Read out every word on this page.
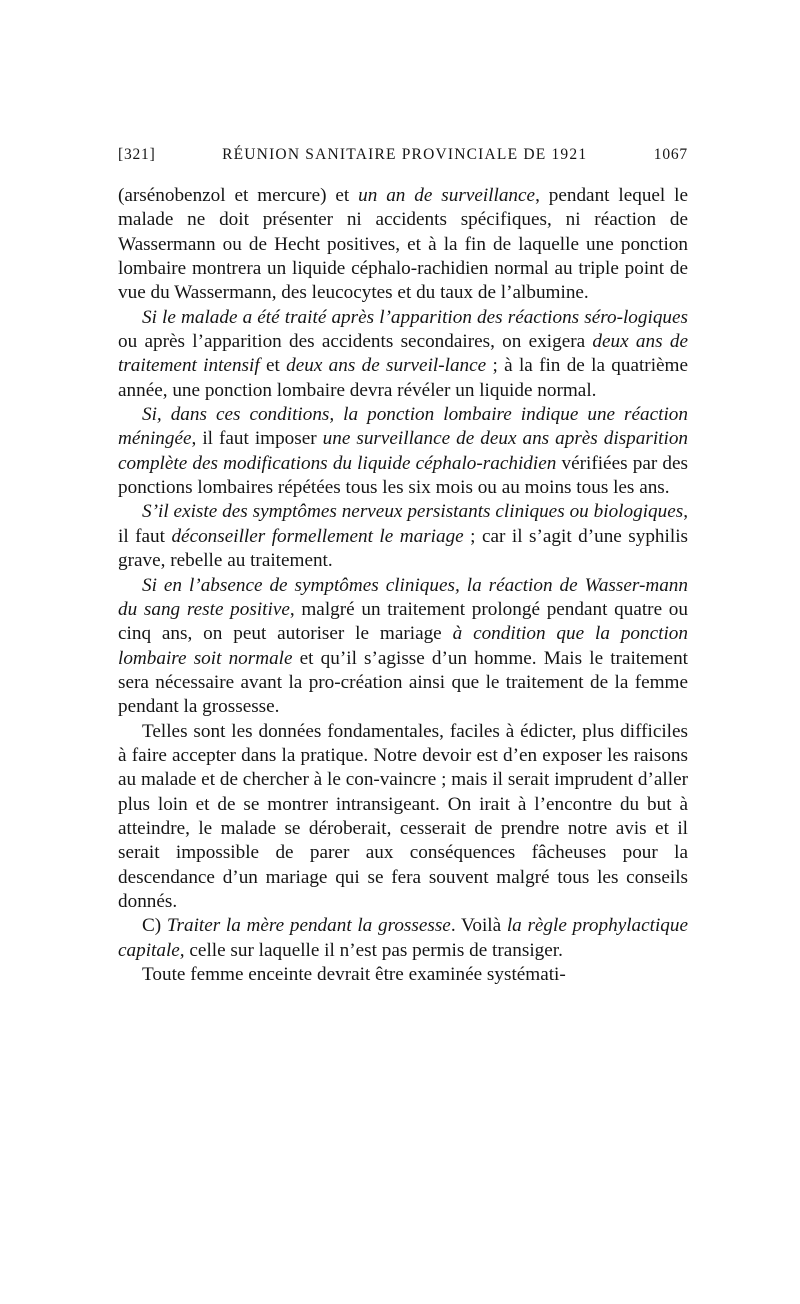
[321]	RÉUNION SANITAIRE PROVINCIALE DE 1921	1067

(arsénobenzol et mercure) et un an de surveillance, pendant lequel le malade ne doit présenter ni accidents spécifiques, ni réaction de Wassermann ou de Hecht positives, et à la fin de laquelle une ponction lombaire montrera un liquide céphalo-rachidien normal au triple point de vue du Wassermann, des leucocytes et du taux de l’albumine.

Si le malade a été traité après l’apparition des réactions séro-logiques ou après l’apparition des accidents secondaires, on exigera deux ans de traitement intensif et deux ans de surveil-lance ; à la fin de la quatrième année, une ponction lombaire devra révéler un liquide normal.

Si, dans ces conditions, la ponction lombaire indique une réaction méningée, il faut imposer une surveillance de deux ans après disparition complète des modifications du liquide céphalo-rachidien vérifiées par des ponctions lombaires répétées tous les six mois ou au moins tous les ans.

S’il existe des symptômes nerveux persistants cliniques ou biologiques, il faut déconseiller formellement le mariage ; car il s’agit d’une syphilis grave, rebelle au traitement.

Si en l’absence de symptômes cliniques, la réaction de Wasser-mann du sang reste positive, malgré un traitement prolongé pendant quatre ou cinq ans, on peut autoriser le mariage à condition que la ponction lombaire soit normale et qu’il s’agisse d’un homme. Mais le traitement sera nécessaire avant la pro-création ainsi que le traitement de la femme pendant la grossesse.

Telles sont les données fondamentales, faciles à édicter, plus difficiles à faire accepter dans la pratique. Notre devoir est d’en exposer les raisons au malade et de chercher à le con-vaincre ; mais il serait imprudent d’aller plus loin et de se montrer intransigeant. On irait à l’encontre du but à atteindre, le malade se déroberait, cesserait de prendre notre avis et il serait impossible de parer aux conséquences fâcheuses pour la descendance d’un mariage qui se fera souvent malgré tous les conseils donnés.

C) Traiter la mère pendant la grossesse. Voilà la règle prophylactique capitale, celle sur laquelle il n’est pas permis de transiger.

Toute femme enceinte devrait être examinée systémati-
